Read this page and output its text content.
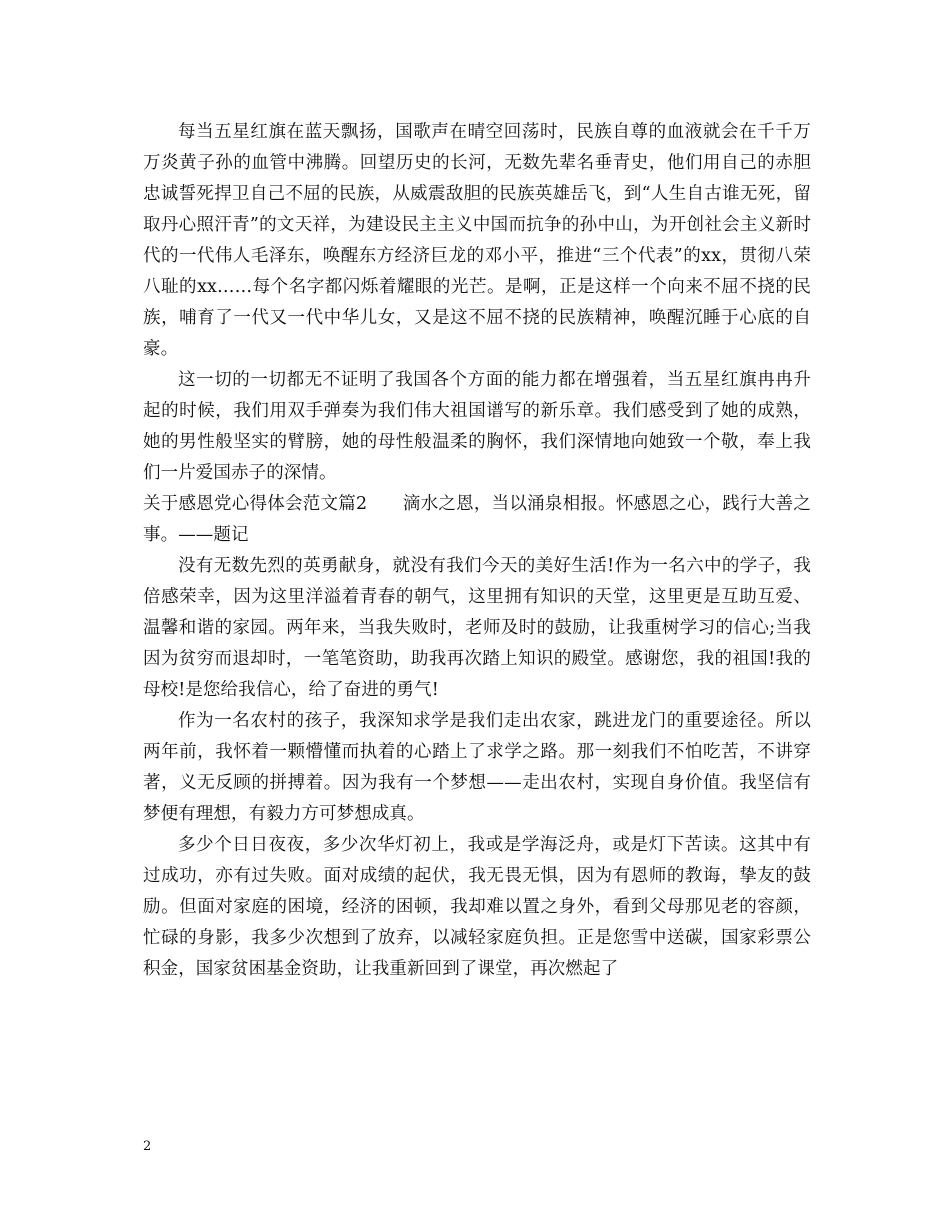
每当五星红旗在蓝天飘扬，国歌声在晴空回荡时，民族自尊的血液就会在千千万万炎黄子孙的血管中沸腾。回望历史的长河，无数先辈名垂青史，他们用自己的赤胆忠诚誓死捍卫自己不屈的民族，从威震敌胆的民族英雄岳飞，到“人生自古谁无死，留取丹心照汗青”的文天祥，为建设民主主义中国而抗争的孙中山，为开创社会主义新时代的一代伟人毛泽东，唤醒东方经济巨龙的邓小平，推进“三个代表”的xx，贯彻八荣八耻的xx……每个名字都闪烁着耀眼的光芒。是啊，正是这样一个向来不屈不挠的民族，哺育了一代又一代中华儿女，又是这不屈不挠的民族精神，唤醒沉睡于心底的自豪。

这一切的一切都无不证明了我国各个方面的能力都在增强着，当五星红旗冉冉升起的时候，我们用双手弹奏为我们伟大祖国谱写的新乐章。我们感受到了她的成熟，她的男性般坚实的臂膀，她的母性般温柔的胸怀，我们深情地向她致一个敬，奉上我们一片爱国赤子的深情。

关于感恩党心得体会范文篇2　　滴水之恩，当以涌泉相报。怀感恩之心，践行大善之事。——题记

没有无数先烈的英勇献身，就没有我们今天的美好生活!作为一名六中的学子，我倍感荣幸，因为这里洋溢着青春的朝气，这里拥有知识的天堂，这里更是互助互爱、温馨和谐的家园。两年来，当我失败时，老师及时的鼓励，让我重树学习的信心;当我因为贫穷而退却时，一笔笔资助，助我再次踏上知识的殿堂。感谢您，我的祖国!我的母校!是您给我信心，给了奋进的勇气!

作为一名农村的孩子，我深知求学是我们走出农家，跳进龙门的重要途径。所以两年前，我怀着一颗懵懂而执着的心踏上了求学之路。那一刻我们不怕吃苦，不讲穿著，义无反顾的拼搏着。因为我有一个梦想——走出农村，实现自身价值。我坚信有梦便有理想，有毅力方可梦想成真。

多少个日日夜夜，多少次华灯初上，我或是学海泛舟，或是灯下苦读。这其中有过成功，亦有过失败。面对成绩的起伏，我无畏无惧，因为有恩师的教诲，挚友的鼓励。但面对家庭的困境，经济的困顿，我却难以置之身外，看到父母那见老的容颜，忙碌的身影，我多少次想到了放弃，以减轻家庭负担。正是您雪中送碳，国家彩票公积金，国家贫困基金资助，让我重新回到了课堂，再次燃起了

2
